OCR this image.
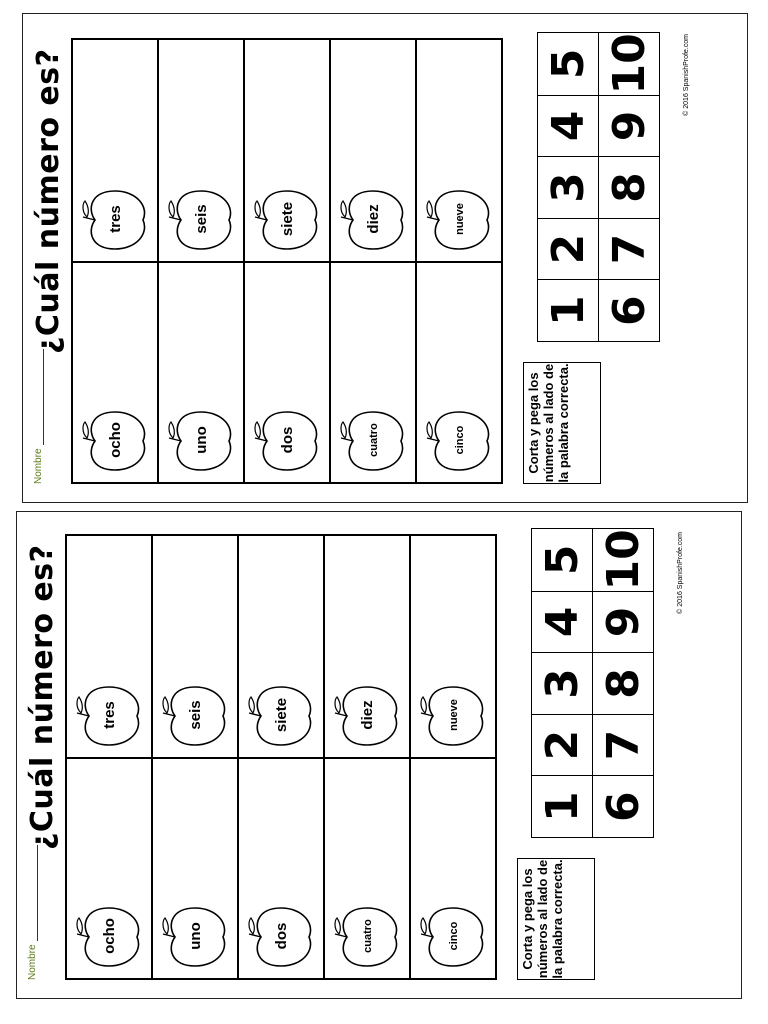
Nombre
¿Cuál número es?
ocho
tres
uno
seis
dos
siete
cuatro
diez
cinco
nueve
Corta y pega los números al lado de la palabra correcta.
1
2
3
4
5
6
7
8
9
10	© 2016 SpanishProfe.com
Nombre
¿Cuál número es?
ocho
tres
uno
seis
dos
siete
cuatro
diez
cinco
nueve
Corta y pega los números al lado de la palabra correcta.
1
2
3
4
5
6
7
8
9
10	© 2016 SpanishProfe.com
